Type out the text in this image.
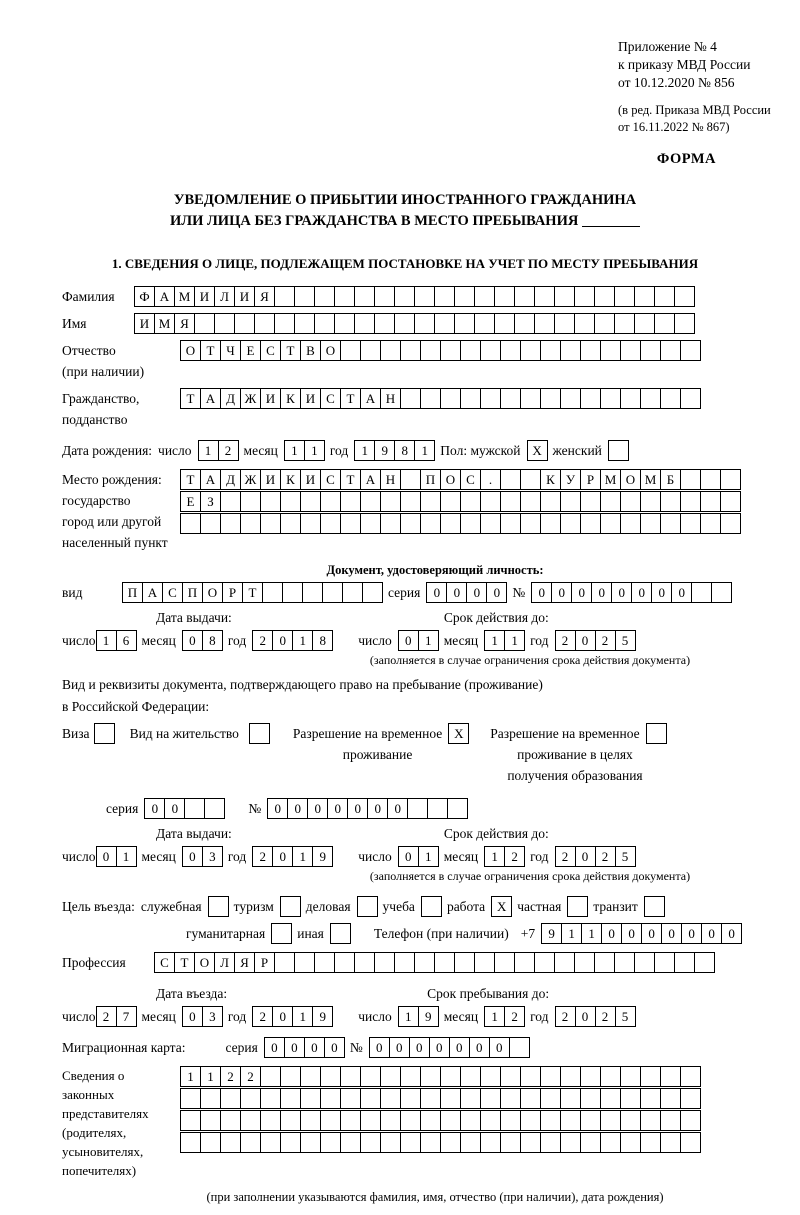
Приложение № 4
к приказу МВД России
от 10.12.2020 № 856
(в ред. Приказа МВД России
от 16.11.2022 № 867)
ФОРМА
УВЕДОМЛЕНИЕ О ПРИБЫТИИ ИНОСТРАННОГО ГРАЖДАНИНА
ИЛИ ЛИЦА БЕЗ ГРАЖДАНСТВА В МЕСТО ПРЕБЫВАНИЯ
1. СВЕДЕНИЯ О ЛИЦЕ, ПОДЛЕЖАЩЕМ ПОСТАНОВКЕ НА УЧЕТ ПО МЕСТУ ПРЕБЫВАНИЯ
Фамилия	Ф А М И Л И Я
Имя	И М Я
Отчество
(при наличии)
О Т Ч Е С Т В О
Гражданство,
подданство
Т А Д Ж И К И С Т А Н
Дата рождения: число	1	2 месяц	1	1 год	1	9	8	1 Пол: мужской X женский
Место рождения:
государство
город или другой
населенный пункт
Т А Д Ж И К И С Т А Н	П О С	.	К У Р М О М Б
Е З
Документ, удостоверяющий личность:
вид	П А С П О Р Т	серия	0	0	0	0 №	0	0	0	0	0	0	0	0
Дата выдачи:	Срок действия до:
число 1	6 месяц	0	8 год	2	0	1	8	число	0	1 месяц	1	1 год	2	0	2	5
(заполняется в случае ограничения срока действия документа)
Вид и реквизиты документа, подтверждающего право на пребывание (проживание)
в Российской Федерации:
Виза	Вид на жительство	Разрешение на временное X
проживание
Разрешение на временное
проживание в целях
получения образования
серия	0	0	№	0	0	0	0	0	0	0
Дата выдачи:	Срок действия до:
число 0	1 месяц	0	3 год	2	0	1	9	число	0	1 месяц	1	2 год	2	0	2	5
(заполняется в случае ограничения срока действия документа)
Цель въезда: служебная	туризм	деловая	учеба	работа X частная	транзит
гуманитарная	иная	Телефон (при наличии) +7	9	1	1	0	0	0	0	0	0	0
Профессия	С Т О Л Я Р
Дата въезда:	Срок пребывания до:
число 2	7 месяц	0	3 год	2	0	1	9	число	1	9 месяц	1	2 год	2	0	2	5
Миграционная карта:	серия	0	0	0	0 №	0	0	0	0	0	0	0
Сведения о
законных
представителях
(родителях,
усыновителях,
попечителях)
1	1	2	2
(при заполнении указываются фамилия, имя, отчество (при наличии), дата рождения)
